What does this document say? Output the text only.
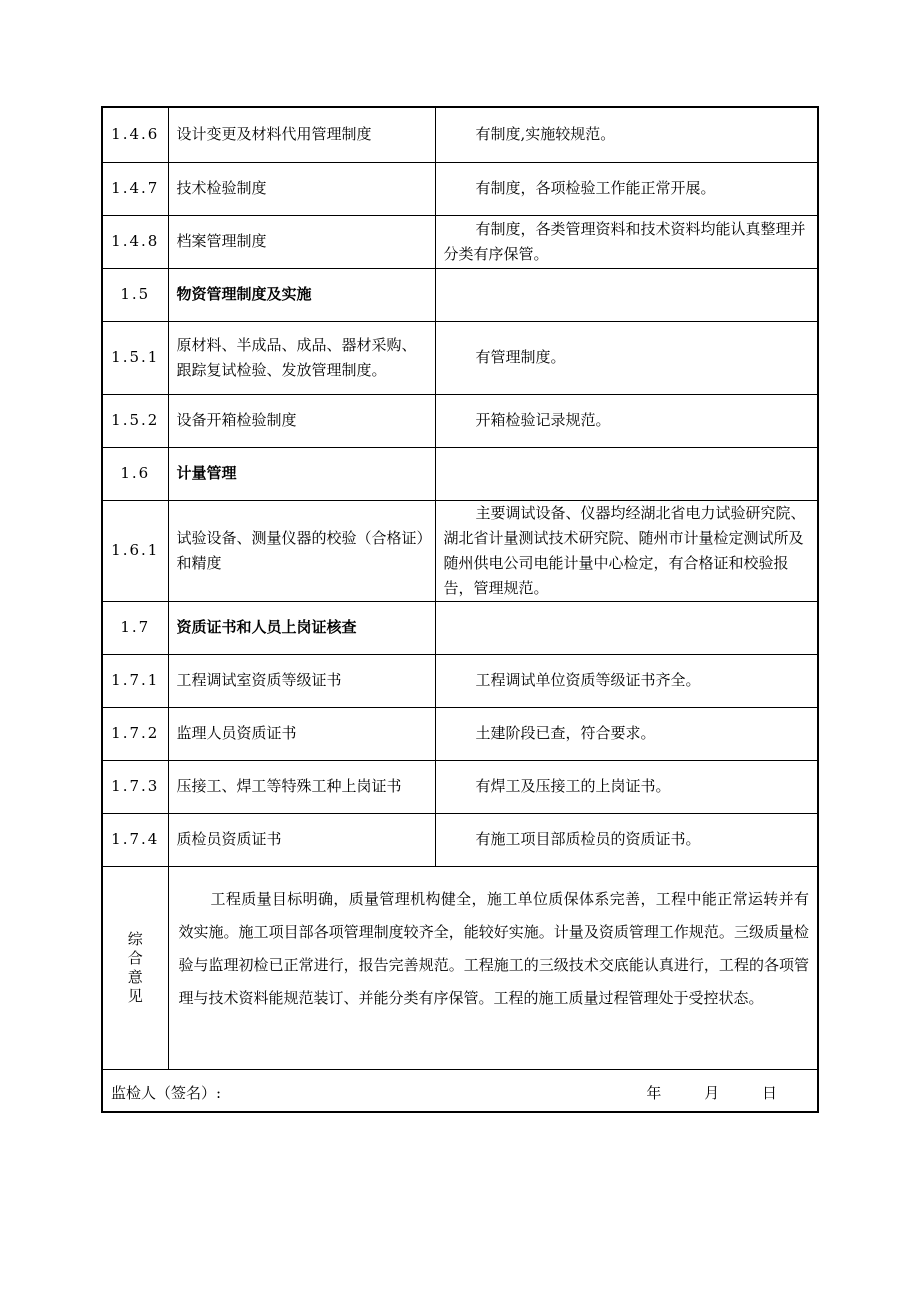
1.4.6	设计变更及材料代用管理制度	有制度,实施较规范。
1.4.7	技术检验制度	有制度，各项检验工作能正常开展。
1.4.8	档案管理制度	有制度，各类管理资料和技术资料均能认真整理并分类有序保管。
1.5	物资管理制度及实施	
1.5.1	原材料、半成品、成品、器材采购、跟踪复试检验、发放管理制度。	有管理制度。
1.5.2	设备开箱检验制度	开箱检验记录规范。
1.6	计量管理	
1.6.1	试验设备、测量仪器的校验（合格证）和精度	主要调试设备、仪器均经湖北省电力试验研究院、湖北省计量测试技术研究院、随州市计量检定测试所及随州供电公司电能计量中心检定，有合格证和校验报告，管理规范。
1.7	资质证书和人员上岗证核查	
1.7.1	工程调试室资质等级证书	工程调试单位资质等级证书齐全。
1.7.2	监理人员资质证书	土建阶段已查，符合要求。
1.7.3	压接工、焊工等特殊工种上岗证书	有焊工及压接工的上岗证书。
1.7.4	质检员资质证书	有施工项目部质检员的资质证书。

综
合
意
见	工程质量目标明确，质量管理机构健全，施工单位质保体系完善，工程中能正常运转并有效实施。施工项目部各项管理制度较齐全，能较好实施。计量及资质管理工作规范。三级质量检验与监理初检已正常进行，报告完善规范。工程施工的三级技术交底能认真进行，工程的各项管理与技术资料能规范装订、并能分类有序保管。工程的施工质量过程管理处于受控状态。	

监检人（签名）: 年 月 日		
